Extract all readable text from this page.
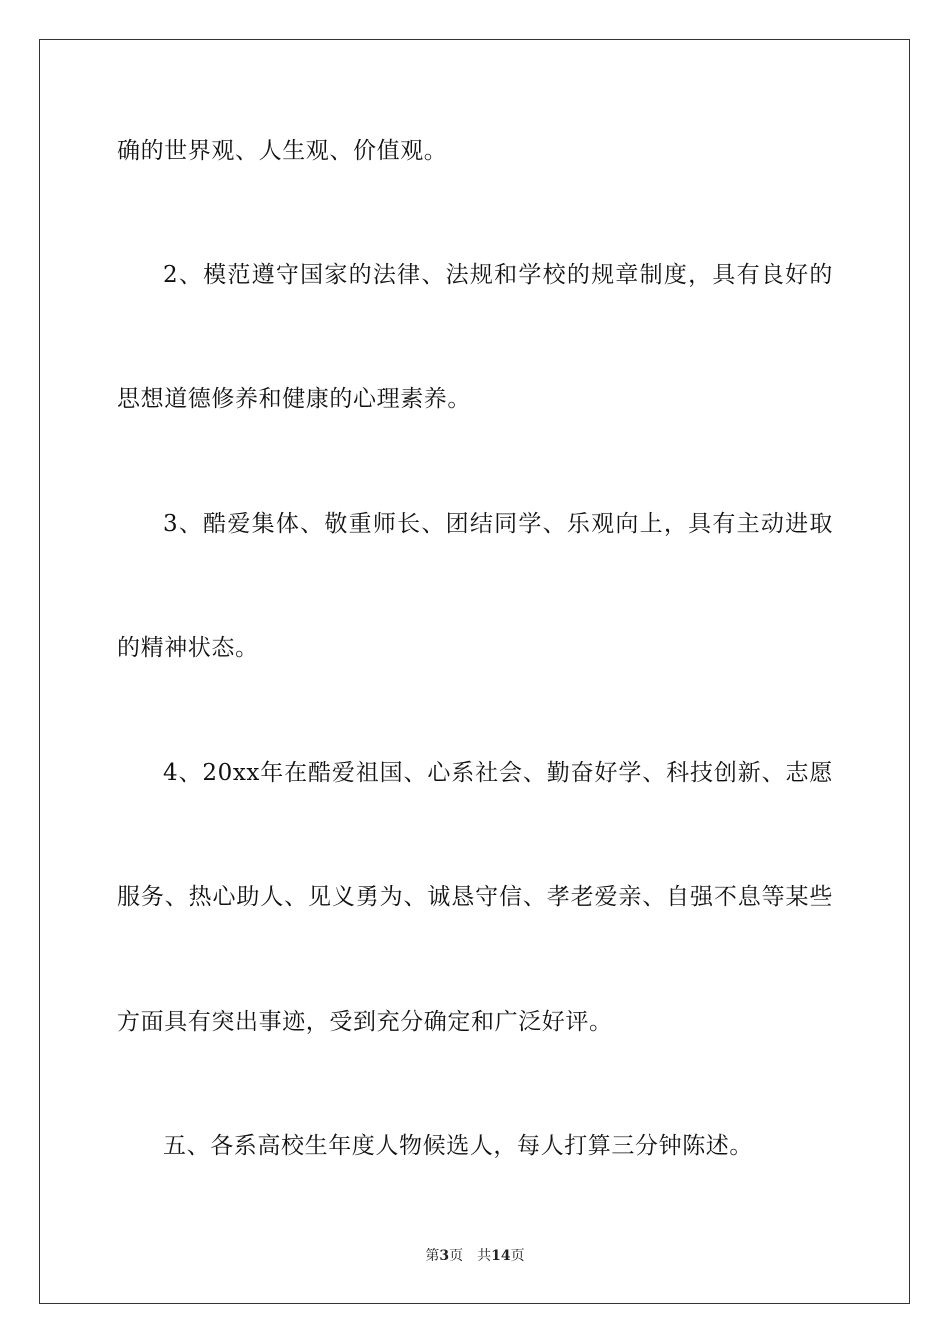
确的世界观、人生观、价值观。
2、模范遵守国家的法律、法规和学校的规章制度，具有良好的
思想道德修养和健康的心理素养。
3、酷爱集体、敬重师长、团结同学、乐观向上，具有主动进取
的精神状态。
4、20xx年在酷爱祖国、心系社会、勤奋好学、科技创新、志愿
服务、热心助人、见义勇为、诚恳守信、孝老爱亲、自强不息等某些
方面具有突出事迹，受到充分确定和广泛好评。
五、各系高校生年度人物候选人，每人打算三分钟陈述。
第3页 共14页
